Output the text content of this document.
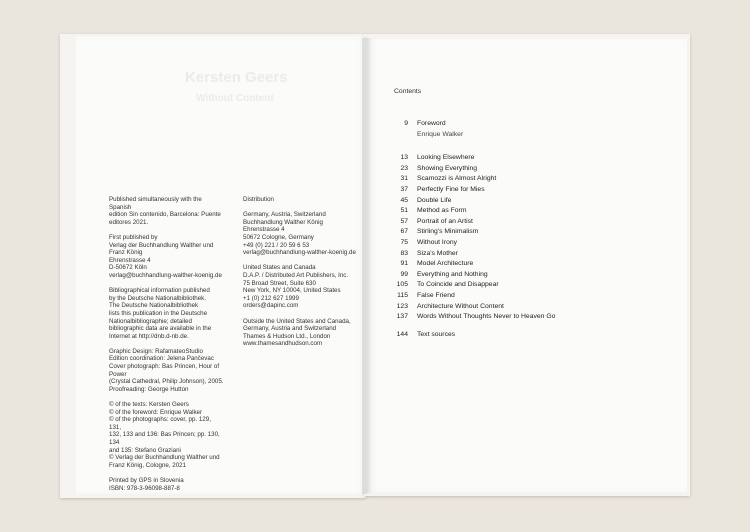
Kersten Geers
Without Content

Published simultaneously with the Spanish
edition Sin contenido, Barcelona: Puente
editores 2021.

First published by
Verlag der Buchhandlung Walther und
Franz König
Ehrenstrasse 4
D-50672 Köln
verlag@buchhandlung-walther-koenig.de

Bibliographical information published
by the Deutsche Nationalbibliothek.
The Deutsche Nationalbibliothek
lists this publication in the Deutsche
Nationalbibliographie; detailed
bibliographic data are available in the
Internet at http://dnb.d-nb.de.

Graphic Design: RafamateoStudio
Edition coordination: Jelena Pančevac
Cover photograph: Bas Princen, Hour of Power
(Crystal Cathedral, Philip Johnson), 2005.
Proofreading: George Hutton

© of the texts: Kersten Geers
© of the foreword: Enrique Walker
© of the photographs: cover, pp. 129, 131,
132, 133 and 136: Bas Princen; pp. 130, 134
and 135: Stefano Graziani
© Verlag der Buchhandlung Walther und
Franz König, Cologne, 2021

Printed by GPS in Slovenia
ISBN: 978-3-96098-887-8

Distribution

Germany, Austria, Switzerland
Buchhandlung Walther König
Ehrenstrasse 4
50672 Cologne, Germany
+49 (0) 221 / 20 59 6 53
verlag@buchhandlung-walther-koenig.de

United States and Canada
D.A.P. / Distributed Art Publishers, Inc.
75 Broad Street, Suite 630
New York, NY 10004, United States
+1 (0) 212 627 1999
orders@dapinc.com

Outside the United States and Canada,
Germany, Austria and Switzerland
Thames & Hudson Ltd., London
www.thamesandhudson.com

Contents
9	Foreword
Enrique Walker
13	Looking Elsewhere
23	Showing Everything
31	Scamozzi is Almost Alright
37	Perfectly Fine for Mies
45	Double Life
51	Method as Form
57	Portrait of an Artist
67	Stirling's Minimalism
75	Without Irony
83	Siza's Mother
91	Model Architecture
99	Everything and Nothing
105	To Coincide and Disappear
115	False Friend
123	Architecture Without Content
137	Words Without Thoughts Never to Heaven Go
144	Text sources
